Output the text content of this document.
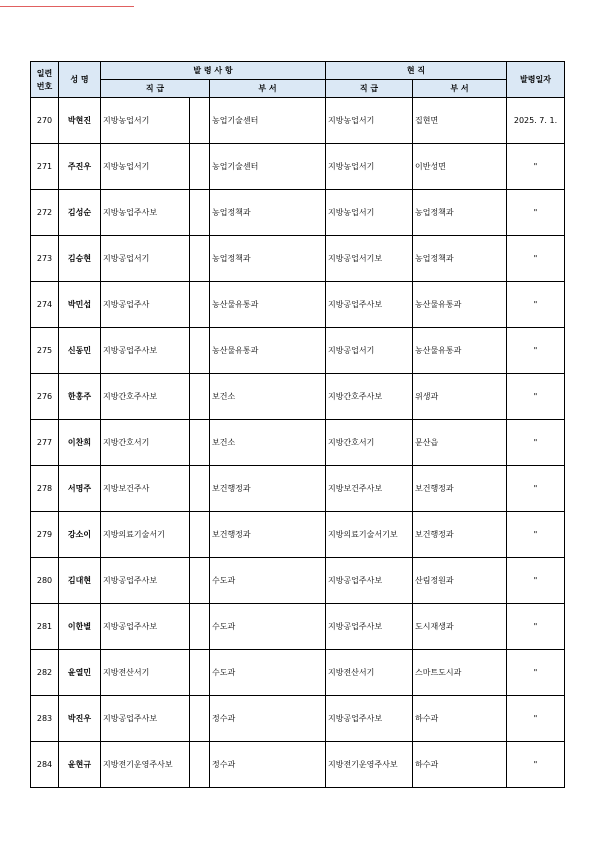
일련
번호	성 명	발 령 사 항			현 직		발령일자
		직 급		부 서	직 급	부 서	
270	박현진	지방농업서기		농업기술센터	지방농업서기	집현면	2025. 7. 1.
271	주진우	지방농업서기		농업기술센터	지방농업서기	이반성면	"
272	김성순	지방농업주사보		농업정책과	지방농업서기	농업정책과	"
273	김승현	지방공업서기		농업정책과	지방공업서기보	농업정책과	"
274	박민섭	지방공업주사		농산물유통과	지방공업주사보	농산물유통과	"
275	신동민	지방공업주사보		농산물유통과	지방공업서기	농산물유통과	"
276	한홍주	지방간호주사보		보건소	지방간호주사보	위생과	"
277	이찬희	지방간호서기		보건소	지방간호서기	문산읍	"
278	서명주	지방보건주사		보건행정과	지방보건주사보	보건행정과	"
279	강소이	지방의료기술서기		보건행정과	지방의료기술서기보	보건행정과	"
280	김대현	지방공업주사보		수도과	지방공업주사보	산림정원과	"
281	이한별	지방공업주사보		수도과	지방공업주사보	도시재생과	"
282	윤열민	지방전산서기		수도과	지방전산서기	스마트도시과	"
283	박진우	지방공업주사보		정수과	지방공업주사보	하수과	"
284	윤현규	지방전기운영주사보		정수과	지방전기운영주사보	하수과	"
